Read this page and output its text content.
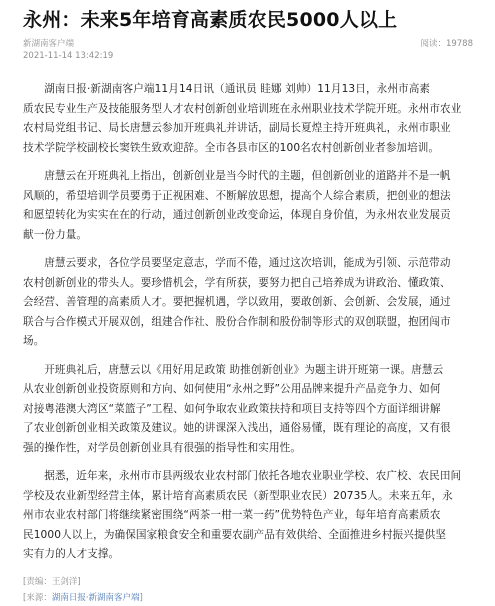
永州：未来5年培育高素质农民5000人以上
新湖南客户端
2021-11-14 13:42:19
阅读：19788

湖南日报·新湖南客户端11月14日讯（通讯员 眭娜 刘帅）11月13日，永州市高素
质农民专业生产及技能服务型人才农村创新创业培训班在永州职业技术学院开班。永州市农业
农村局党组书记、局长唐慧云参加开班典礼并讲话，副局长夏煌主持开班典礼，永州市职业
技术学院学校副校长窦铁生致欢迎辞。全市各县市区的100名农村创新创业者参加培训。

唐慧云在开班典礼上指出，创新创业是当今时代的主题，但创新创业的道路并不是一帆
风顺的，希望培训学员要勇于正视困难、不断解放思想，提高个人综合素质，把创业的想法
和愿望转化为实实在在的行动，通过创新创业改变命运，体现自身价值，为永州农业发展贡
献一份力量。

唐慧云要求，各位学员要坚定意志，学而不倦，通过这次培训，能成为引领、示范带动
农村创新创业的带头人。要珍惜机会，学有所获，要努力把自己培养成为讲政治、懂政策、
会经营、善管理的高素质人才。要把握机遇，学以致用，要敢创新、会创新、会发展，通过
联合与合作模式开展双创，组建合作社、股份合作制和股份制等形式的双创联盟，抱团闯市
场。

开班典礼后，唐慧云以《用好用足政策 助推创新创业》为题主讲开班第一课。唐慧云
从农业创新创业投资原则和方向、如何使用“永州之野”公用品牌来提升产品竞争力、如何
对接粤港澳大湾区“菜篮子”工程、如何争取农业政策扶持和项目支持等四个方面详细讲解
了农业创新创业相关政策及建议。她的讲课深入浅出，通俗易懂，既有理论的高度，又有很
强的操作性，对学员创新创业具有很强的指导性和实用性。

据悉，近年来，永州市市县两级农业农村部门依托各地农业职业学校、农广校、农民田间
学校及农业新型经营主体，累计培育高素质农民（新型职业农民）20735人。未来五年，永
州市农业农村部门将继续紧密围绕“两茶一柑一菜一药”优势特色产业，每年培育高素质农
民1000人以上，为确保国家粮食安全和重要农副产品有效供给、全面推进乡村振兴提供坚
实有力的人才支撑。

[责编：王剑洋]
[来源：湖南日报·新湖南客户端]
